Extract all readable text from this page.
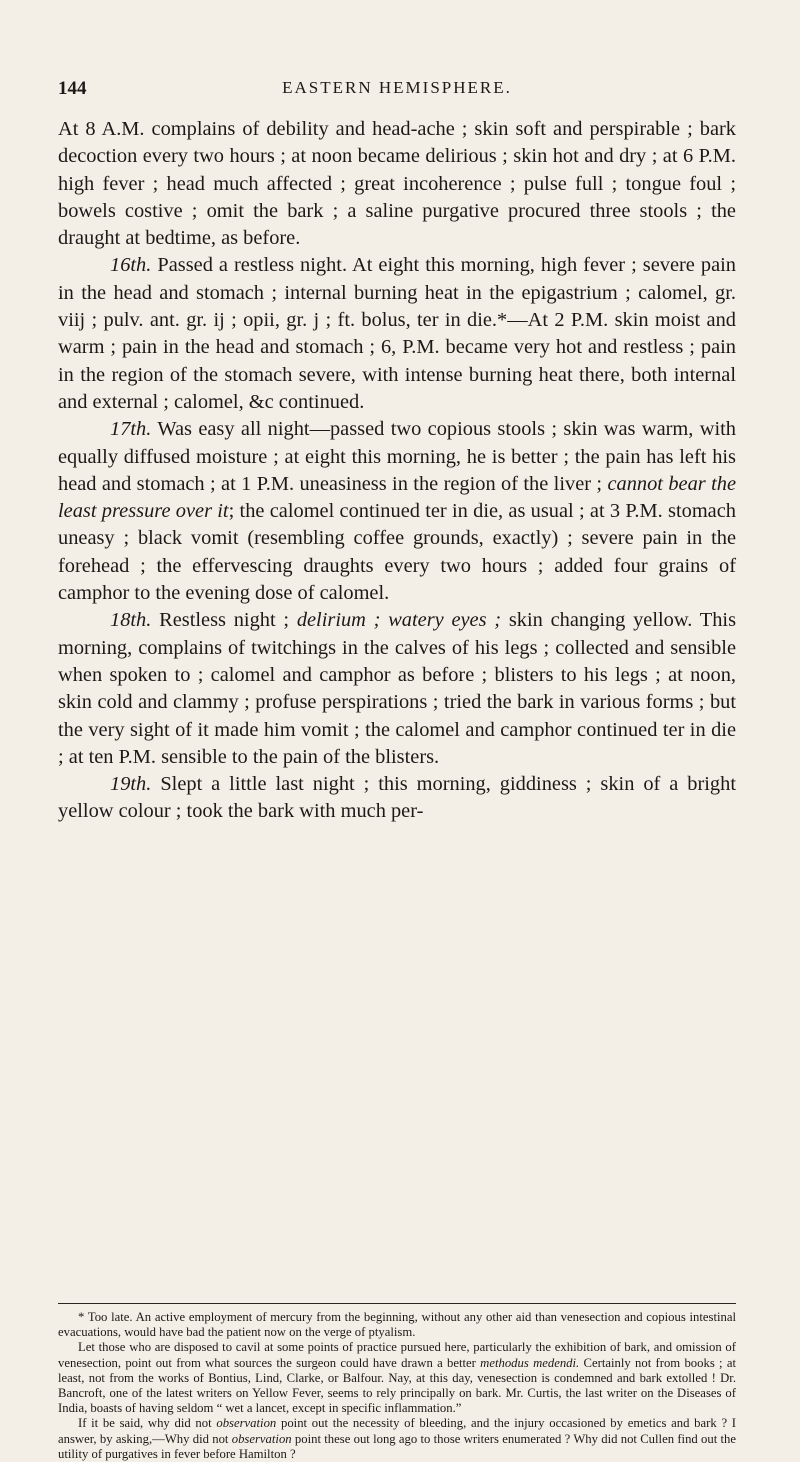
144	EASTERN HEMISPHERE.

At 8 A.M. complains of debility and head-ache ; skin soft and perspirable ; bark decoction every two hours ; at noon became delirious ; skin hot and dry ; at 6 P.M. high fever ; head much affected ; great incoherence ; pulse full ; tongue foul ; bowels costive ; omit the bark ; a saline purgative procured three stools ; the draught at bedtime, as before.

16th. Passed a restless night. At eight this morning, high fever ; severe pain in the head and stomach ; internal burning heat in the epigastrium ; calomel, gr. viij ; pulv. ant. gr. ij ; opii, gr. j ; ft. bolus, ter in die.*—At 2 P.M. skin moist and warm ; pain in the head and stomach ; 6, P.M. became very hot and restless ; pain in the region of the stomach severe, with intense burning heat there, both internal and external ; calomel, &c continued.

17th. Was easy all night—passed two copious stools ; skin was warm, with equally diffused moisture ; at eight this morning, he is better ; the pain has left his head and stomach ; at 1 P.M. uneasiness in the region of the liver ; cannot bear the least pressure over it; the calomel continued ter in die, as usual ; at 3 P.M. stomach uneasy ; black vomit (resembling coffee grounds, exactly) ; severe pain in the forehead ; the effervescing draughts every two hours ; added four grains of camphor to the evening dose of calomel.

18th. Restless night ; delirium ; watery eyes ; skin changing yellow. This morning, complains of twitchings in the calves of his legs ; collected and sensible when spoken to ; calomel and camphor as before ; blisters to his legs ; at noon, skin cold and clammy ; profuse perspirations ; tried the bark in various forms ; but the very sight of it made him vomit ; the calomel and camphor continued ter in die ; at ten P.M. sensible to the pain of the blisters.

19th. Slept a little last night ; this morning, giddiness ; skin of a bright yellow colour ; took the bark with much per-

* Too late. An active employment of mercury from the beginning, without any other aid than venesection and copious intestinal evacuations, would have bad the patient now on the verge of ptyalism.

Let those who are disposed to cavil at some points of practice pursued here, particularly the exhibition of bark, and omission of venesection, point out from what sources the surgeon could have drawn a better methodus medendi. Certainly not from books ; at least, not from the works of Bontius, Lind, Clarke, or Balfour. Nay, at this day, venesection is condemned and bark extolled ! Dr. Bancroft, one of the latest writers on Yellow Fever, seems to rely principally on bark. Mr. Curtis, the last writer on the Diseases of India, boasts of having seldom “ wet a lancet, except in specific inflammation.”

If it be said, why did not observation point out the necessity of bleeding, and the injury occasioned by emetics and bark ? I answer, by asking,—Why did not observation point these out long ago to those writers enumerated ? Why did not Cullen find out the utility of purgatives in fever before Hamilton ?
